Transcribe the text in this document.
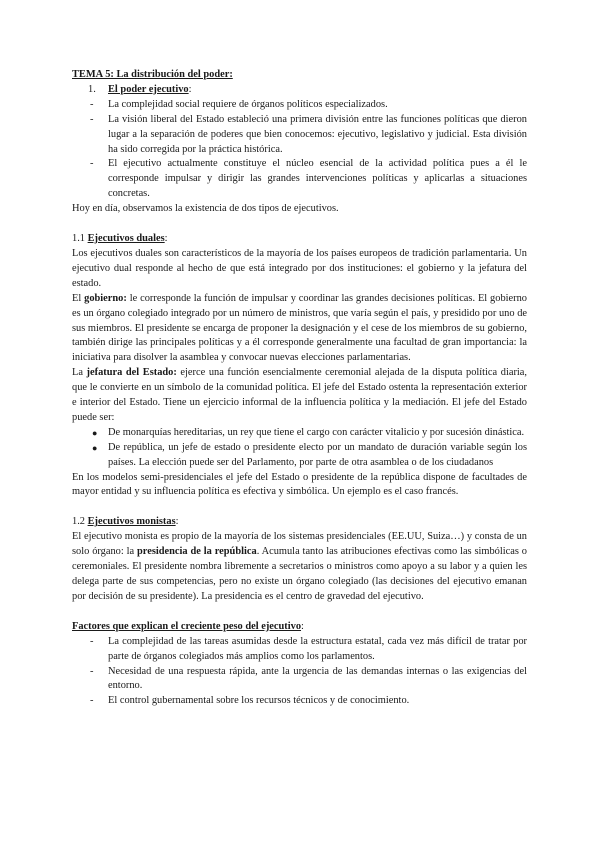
TEMA 5: La distribución del poder:

1.	El poder ejecutivo:
-	La complejidad social requiere de órganos políticos especializados.
-	La visión liberal del Estado estableció una primera división entre las funciones políticas que dieron lugar a la separación de poderes que bien conocemos: ejecutivo, legislativo y judicial. Esta división ha sido corregida por la práctica histórica.
-	El ejecutivo actualmente constituye el núcleo esencial de la actividad política pues a él le corresponde impulsar y dirigir las grandes intervenciones políticas y aplicarlas a situaciones concretas.

Hoy en día, observamos la existencia de dos tipos de ejecutivos.

1.1 Ejecutivos duales:

Los ejecutivos duales son característicos de la mayoría de los países europeos de tradición parlamentaria. Un ejecutivo dual responde al hecho de que está integrado por dos instituciones: el gobierno y la jefatura del estado.

El gobierno: le corresponde la función de impulsar y coordinar las grandes decisiones políticas. El gobierno es un órgano colegiado integrado por un número de ministros, que varía según el país, y presidido por uno de sus miembros. El presidente se encarga de proponer la designación y el cese de los miembros de su gobierno, también dirige las principales políticas y a él corresponde generalmente una facultad de gran importancia: la iniciativa para disolver la asamblea y convocar nuevas elecciones parlamentarias.

La jefatura del Estado: ejerce una función esencialmente ceremonial alejada de la disputa política diaria, que le convierte en un símbolo de la comunidad política. El jefe del Estado ostenta la representación exterior e interior del Estado. Tiene un ejercicio informal de la influencia política y la mediación. El jefe del Estado puede ser:

●	De monarquías hereditarias, un rey que tiene el cargo con carácter vitalicio y por sucesión dinástica.
●	De república, un jefe de estado o presidente electo por un mandato de duración variable según los países. La elección puede ser del Parlamento, por parte de otra asamblea o de los ciudadanos

En los modelos semi-presidenciales el jefe del Estado o presidente de la república dispone de facultades de mayor entidad y su influencia política es efectiva y simbólica. Un ejemplo es el caso francés.

1.2 Ejecutivos monistas:

El ejecutivo monista es propio de la mayoría de los sistemas presidenciales (EE.UU, Suiza…) y consta de un solo órgano: la presidencia de la república. Acumula tanto las atribuciones efectivas como las simbólicas o ceremoniales. El presidente nombra libremente a secretarios o ministros como apoyo a su labor y a quien les delega parte de sus competencias, pero no existe un órgano colegiado (las decisiones del ejecutivo emanan por decisión de su presidente). La presidencia es el centro de gravedad del ejecutivo.

Factores que explican el creciente peso del ejecutivo:

-	La complejidad de las tareas asumidas desde la estructura estatal, cada vez más difícil de tratar por parte de órganos colegiados más amplios como los parlamentos.
-	Necesidad de una respuesta rápida, ante la urgencia de las demandas internas o las exigencias del entorno.
-	El control gubernamental sobre los recursos técnicos y de conocimiento.
